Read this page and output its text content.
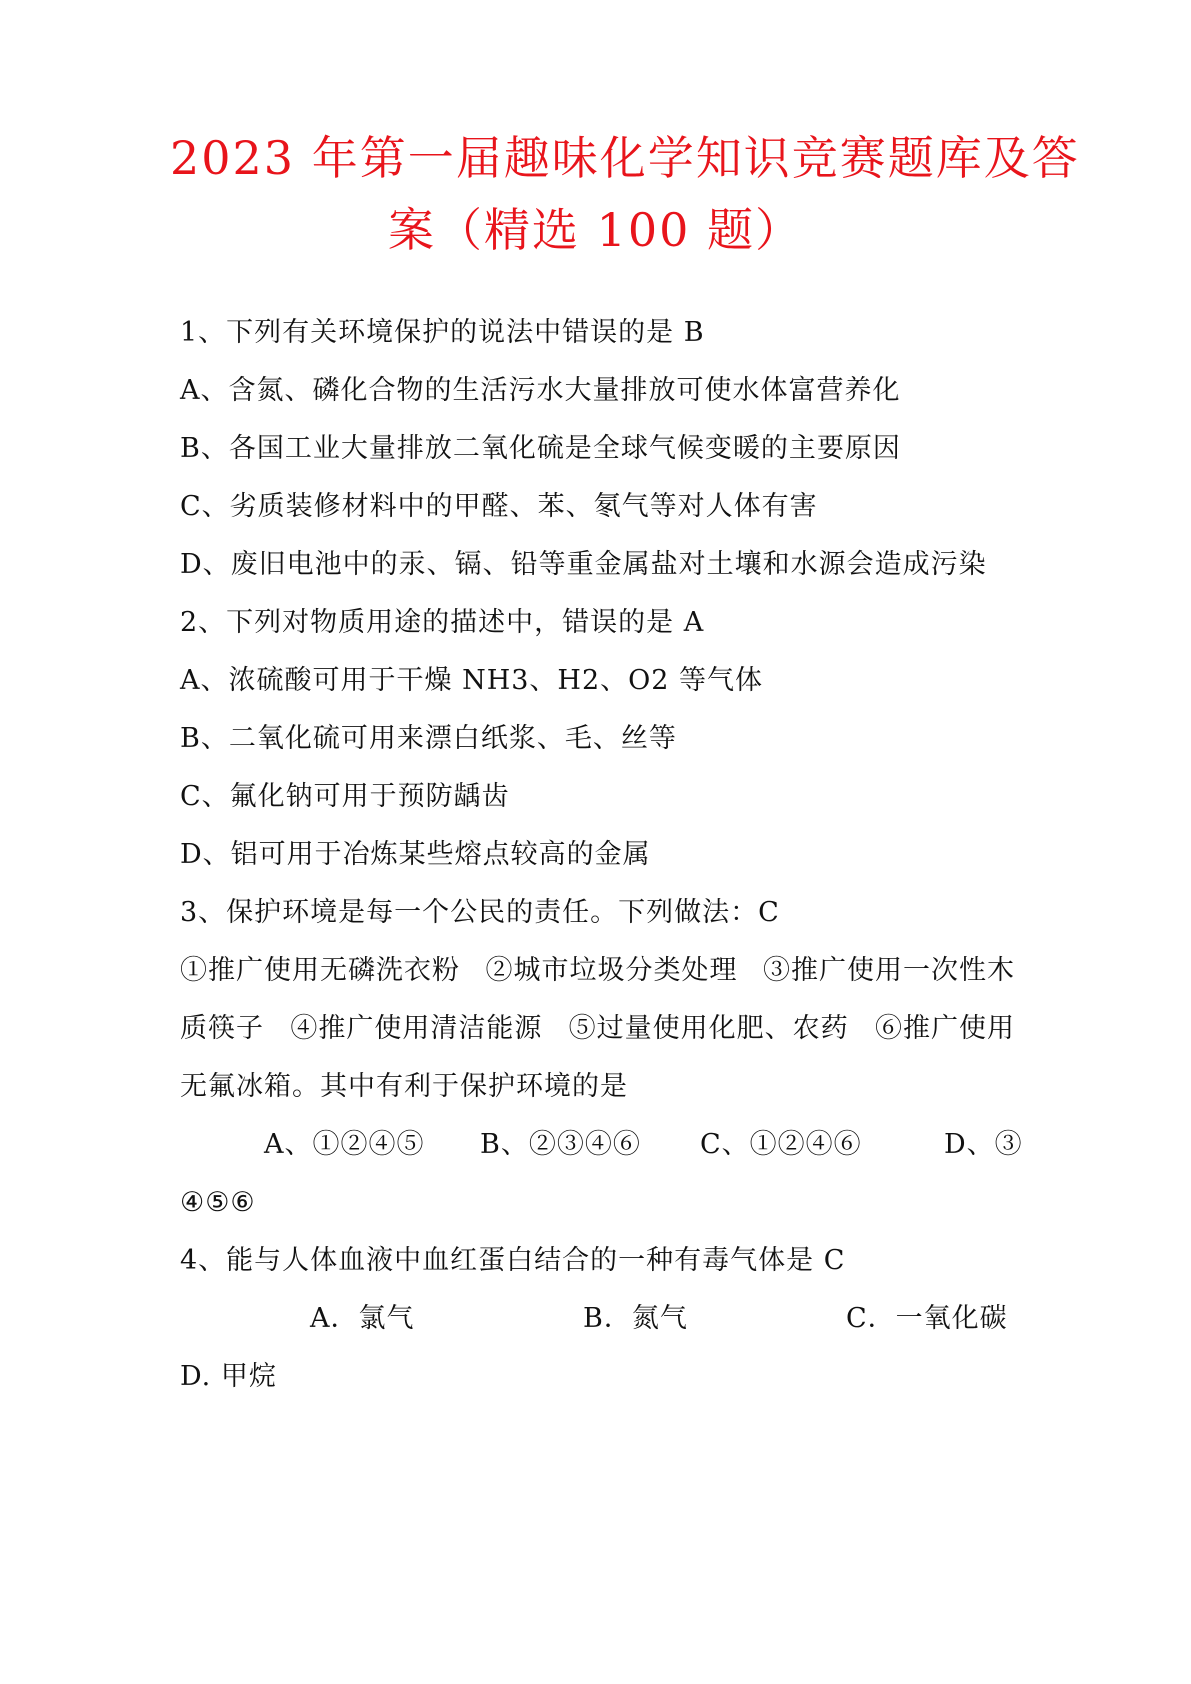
2023 年第一届趣味化学知识竞赛题库及答
案（精选 100 题）
1、下列有关环境保护的说法中错误的是 B
A、含氮、磷化合物的生活污水大量排放可使水体富营养化
B、各国工业大量排放二氧化硫是全球气候变暖的主要原因
C、劣质装修材料中的甲醛、苯、氡气等对人体有害
D、废旧电池中的汞、镉、铅等重金属盐对土壤和水源会造成污染
2、下列对物质用途的描述中，错误的是 A
A、浓硫酸可用于干燥 NH3、H2、O2 等气体
B、二氧化硫可用来漂白纸浆、毛、丝等
C、氟化钠可用于预防龋齿
D、铝可用于冶炼某些熔点较高的金属
3、保护环境是每一个公民的责任。下列做法：C
①推广使用无磷洗衣粉 ②城市垃圾分类处理 ③推广使用一次性木
质筷子 ④推广使用清洁能源 ⑤过量使用化肥、农药 ⑥推广使用
无氟冰箱。其中有利于保护环境的是
A、①②④⑤ B、②③④⑥ C、①②④⑥	D、③
④⑤⑥
4、能与人体血液中血红蛋白结合的一种有毒气体是 C
A．氯气	B．氮气	C．一氧化碳
D. 甲烷
